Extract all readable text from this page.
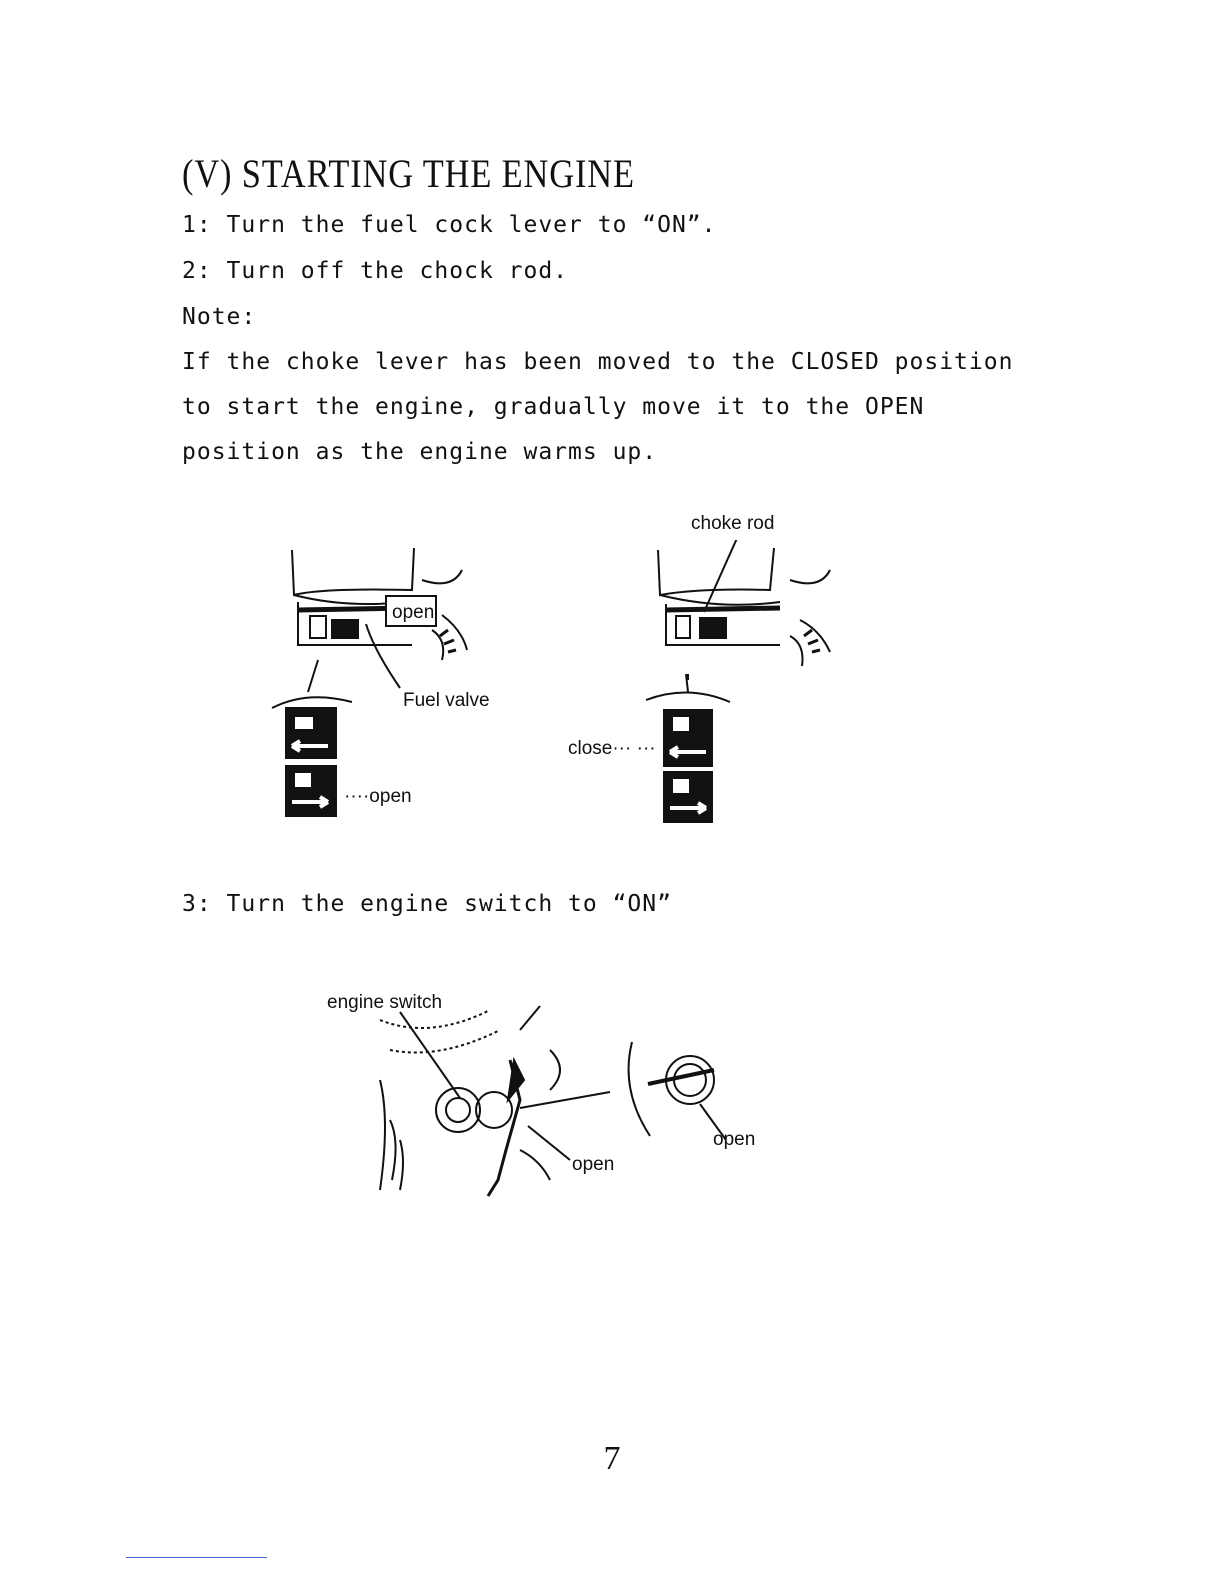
(V) STARTING THE ENGINE
1: Turn the fuel cock lever to “ON”.
2: Turn off the chock rod.
Note:
If the choke lever has been moved to the CLOSED position
to start the engine, gradually move it to the OPEN
position as the engine warms up.
open
Fuel valve
····open
choke rod
close··· ···
3: Turn the engine switch to “ON”
engine switch
open
open
7
